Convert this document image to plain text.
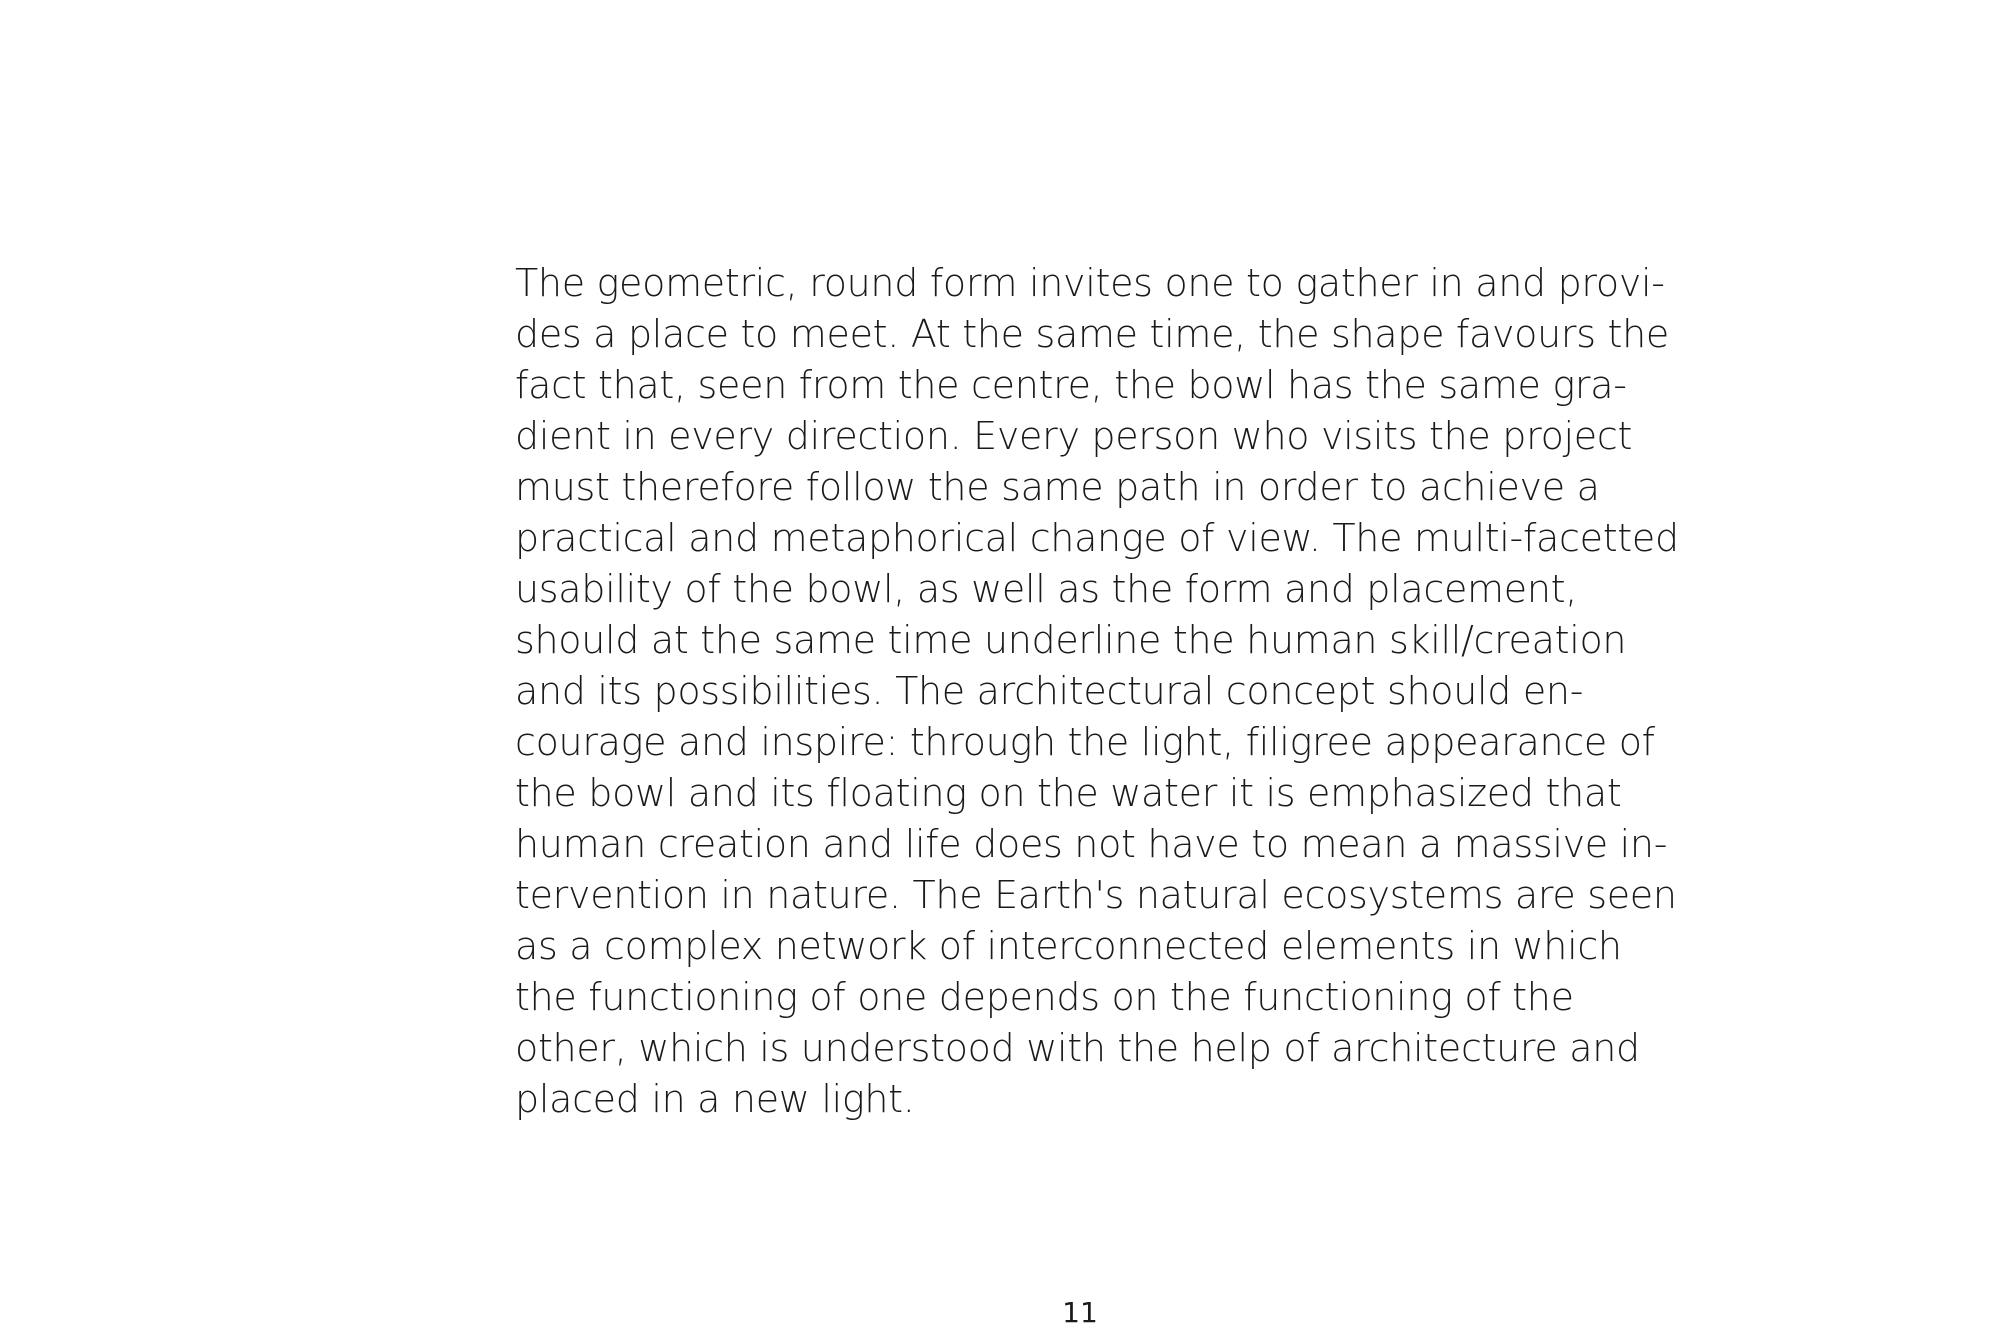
The geometric, round form invites one to gather in and provi-
des a place to meet. At the same time, the shape favours the
fact that, seen from the centre, the bowl has the same gra-
dient in every direction. Every person who visits the project
must therefore follow the same path in order to achieve a
practical and metaphorical change of view. The multi-facetted
usability of the bowl, as well as the form and placement,
should at the same time underline the human skill/creation
and its possibilities. The architectural concept should en-
courage and inspire: through the light, filigree appearance of
the bowl and its floating on the water it is emphasized that
human creation and life does not have to mean a massive in-
tervention in nature. The Earth's natural ecosystems are seen
as a complex network of interconnected elements in which
the functioning of one depends on the functioning of the
other, which is understood with the help of architecture and
placed in a new light.

11
